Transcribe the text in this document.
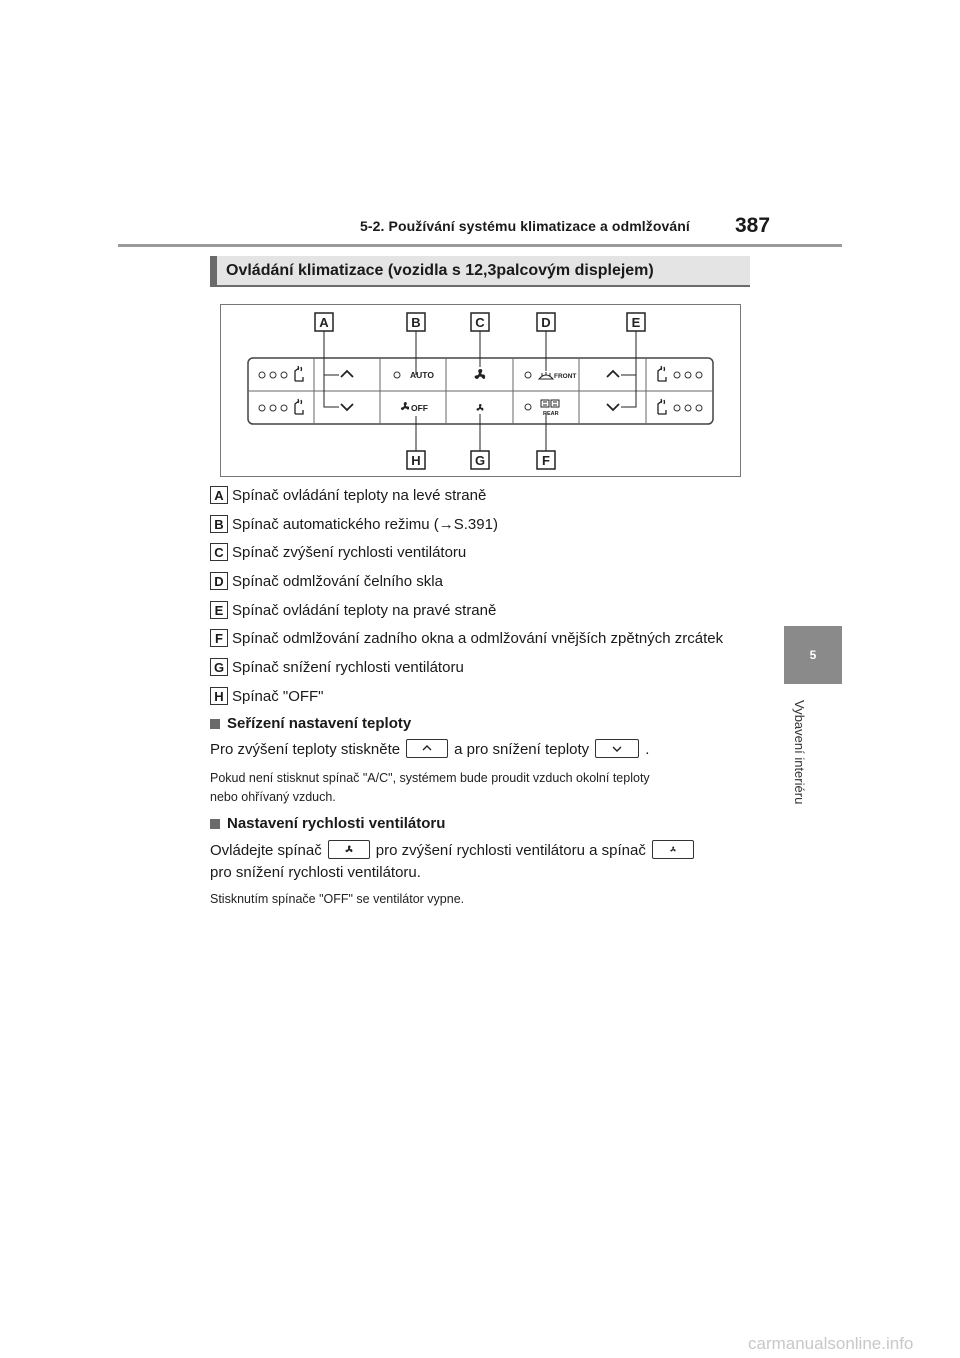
5-2. Používání systému klimatizace a odmlžování 387
5
Vybavení interiéru
Ovládání klimatizace (vozidla s 12,3palcovým displejem)
AUTO
OFF
FRONT
REAR
A	B	C	D	E
H	G	F
A Spínač ovládání teploty na levé straně
B Spínač automatického režimu (→S.391)
C Spínač zvýšení rychlosti ventilátoru
D Spínač odmlžování čelního skla
E Spínač ovládání teploty na pravé straně
F Spínač odmlžování zadního okna a odmlžování vnějších zpětných zrcátek
G Spínač snížení rychlosti ventilátoru
H Spínač "OFF"
Seřízení nastavení teploty
Pro zvýšení teploty stiskněte	a pro snížení teploty	.
Pokud není stisknut spínač "A/C", systémem bude proudit vzduch okolní teploty
nebo ohřívaný vzduch.
Nastavení rychlosti ventilátoru
Ovládejte spínač	pro zvýšení rychlosti ventilátoru a spínač
pro snížení rychlosti ventilátoru.
Stisknutím spínače "OFF" se ventilátor vypne.
carmanualsonline.info
